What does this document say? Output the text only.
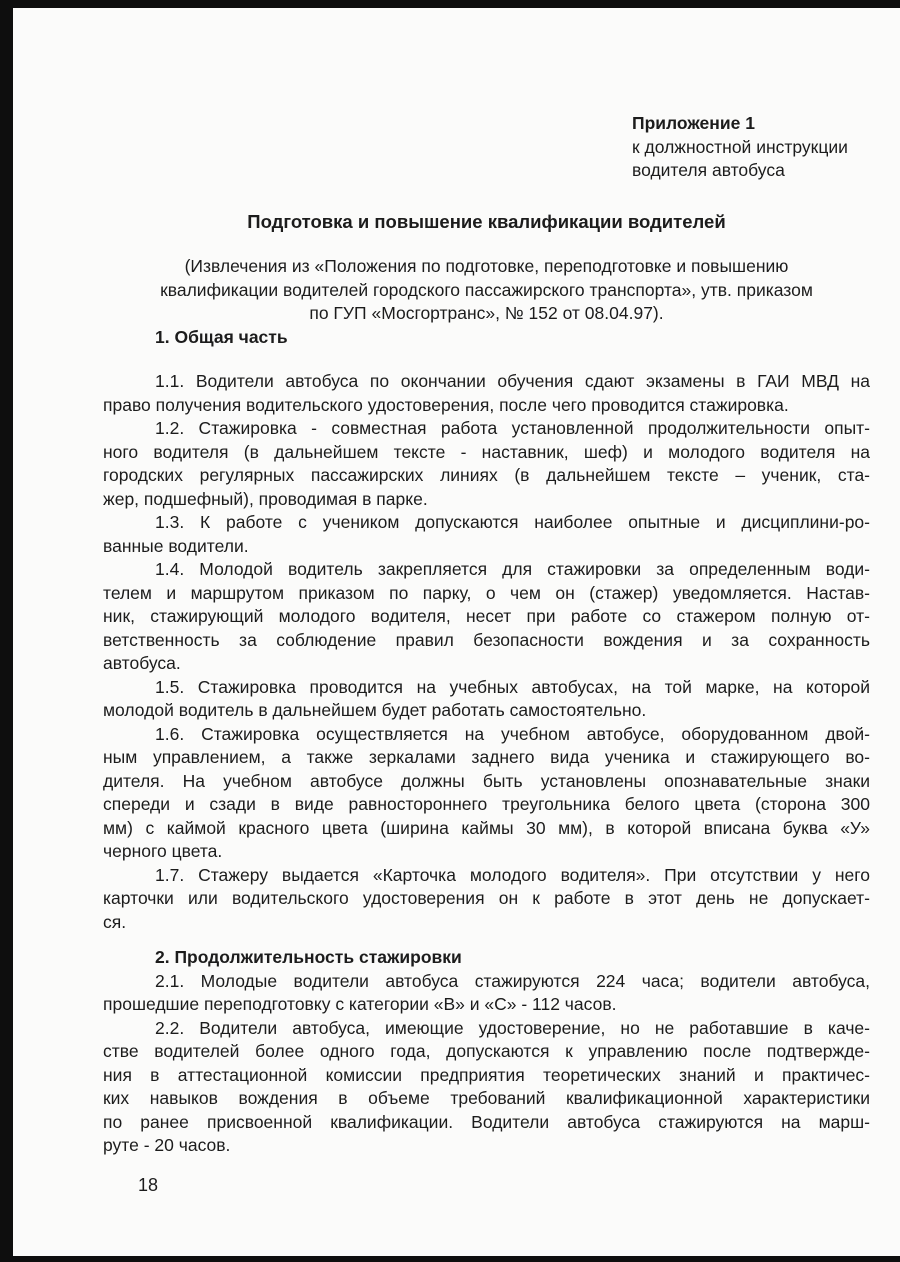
Приложение 1
к должностной инструкции
водителя автобуса
Подготовка и повышение квалификации водителей
(Извлечения из «Положения по подготовке, переподготовке и повышению
квалификации водителей городского пассажирского транспорта», утв. приказом
по ГУП «Мосгортранс», № 152 от 08.04.97).
1. Общая часть
1.1. Водители автобуса по окончании обучения сдают экзамены в ГАИ МВД на
право получения водительского удостоверения, после чего проводится стажировка.
1.2. Стажировка - совместная работа установленной продолжительности опыт-
ного водителя (в дальнейшем тексте - наставник, шеф) и молодого водителя на
городских регулярных пассажирских линиях (в дальнейшем тексте – ученик, ста-
жер, подшефный), проводимая в парке.
1.3. К работе с учеником допускаются наиболее опытные и дисциплини-ро-
ванные водители.
1.4. Молодой водитель закрепляется для стажировки за определенным води-
телем и маршрутом приказом по парку, о чем он (стажер) уведомляется. Настав-
ник, стажирующий молодого водителя, несет при работе со стажером полную от-
ветственность за соблюдение правил безопасности вождения и за сохранность
автобуса.
1.5. Стажировка проводится на учебных автобусах, на той марке, на которой
молодой водитель в дальнейшем будет работать самостоятельно.
1.6. Стажировка осуществляется на учебном автобусе, оборудованном двой-
ным управлением, а также зеркалами заднего вида ученика и стажирующего во-
дителя. На учебном автобусе должны быть установлены опознавательные знаки
спереди и сзади в виде равностороннего треугольника белого цвета (сторона 300
мм) с каймой красного цвета (ширина каймы 30 мм), в которой вписана буква «У»
черного цвета.
1.7. Стажеру выдается «Карточка молодого водителя». При отсутствии у него
карточки или водительского удостоверения он к работе в этот день не допускает-
ся.
2. Продолжительность стажировки
2.1. Молодые водители автобуса стажируются 224 часа; водители автобуса,
прошедшие переподготовку с категории «В» и «С» - 112 часов.
2.2. Водители автобуса, имеющие удостоверение, но не работавшие в каче-
стве водителей более одного года, допускаются к управлению после подтвержде-
ния в аттестационной комиссии предприятия теоретических знаний и практичес-
ких навыков вождения в объеме требований квалификационной характеристики
по ранее присвоенной квалификации. Водители автобуса стажируются на марш-
руте - 20 часов.
18
